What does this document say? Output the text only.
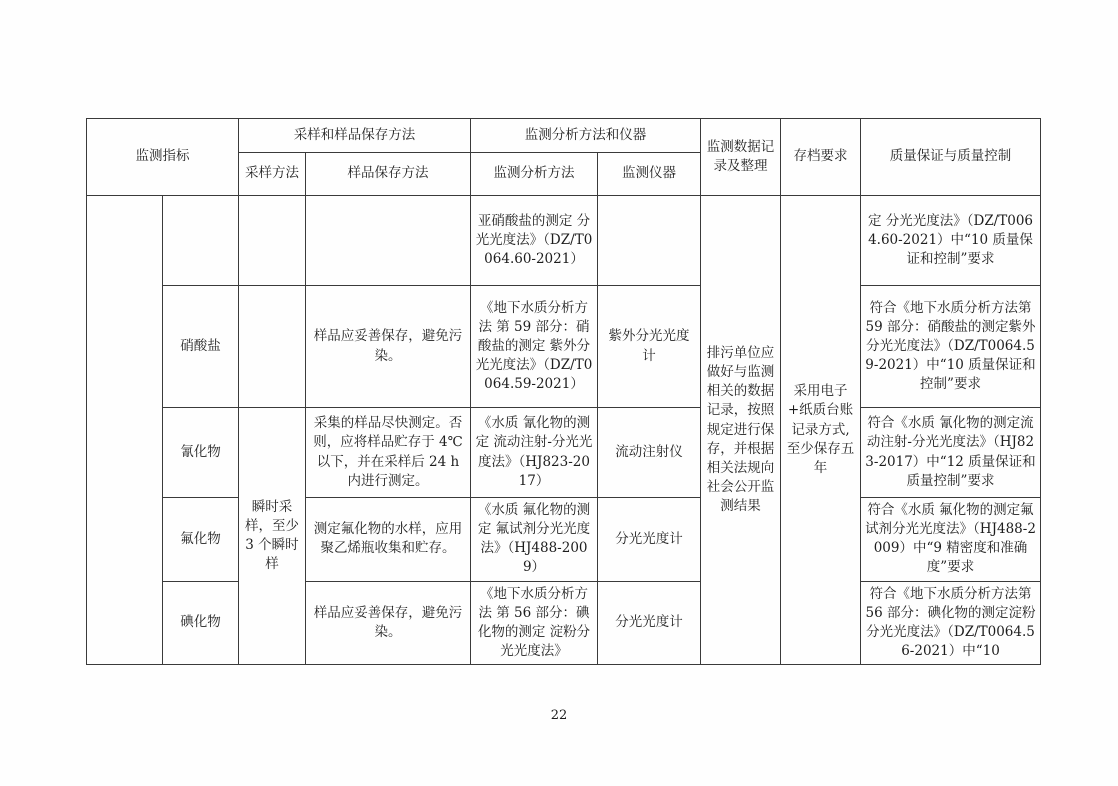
监测指标		采样和样品保存方法		监测分析方法和仪器		监测数据记录及整理	存档要求	质量保证与质量控制
		采样方法	样品保存方法	监测分析方法	监测仪器			
				亚硝酸盐的测定 分光光度法》（DZ/T0064.60-2021）		排污单位应做好与监测相关的数据记录，按照规定进行保存，并根据相关法规向社会公开监测结果	采用电子+纸质台账记录方式,至少保存五年	定 分光光度法》（DZ/T0064.60-2021）中“10 质量保证和控制”要求
	硝酸盐		样品应妥善保存，避免污染。	《地下水质分析方法 第 59 部分：硝酸盐的测定 紫外分光光度法》（DZ/T0064.59-2021）	紫外分光光度计			符合《地下水质分析方法第 59 部分：硝酸盐的测定紫外分光光度法》（DZ/T0064.59-2021）中“10 质量保证和控制”要求
	氰化物	瞬时采样，至少 3 个瞬时样	采集的样品尽快测定。否则，应将样品贮存于 4℃以下，并在采样后 24 h 内进行测定。	《水质 氰化物的测定 流动注射-分光光度法》（HJ823-2017）	流动注射仪			符合《水质 氰化物的测定流动注射-分光光度法》（HJ823-2017）中“12 质量保证和质量控制”要求
	氟化物		测定氟化物的水样，应用聚乙烯瓶收集和贮存。	《水质 氟化物的测定 氟试剂分光光度法》（HJ488-2009）	分光光度计			符合《水质 氟化物的测定氟试剂分光光度法》（HJ488-2009）中“9 精密度和准确度”要求
	碘化物		样品应妥善保存，避免污染。	《地下水质分析方法 第 56 部分：碘化物的测定 淀粉分光光度法》	分光光度计			符合《地下水质分析方法第 56 部分：碘化物的测定淀粉分光光度法》（DZ/T0064.56-2021）中“10
22
